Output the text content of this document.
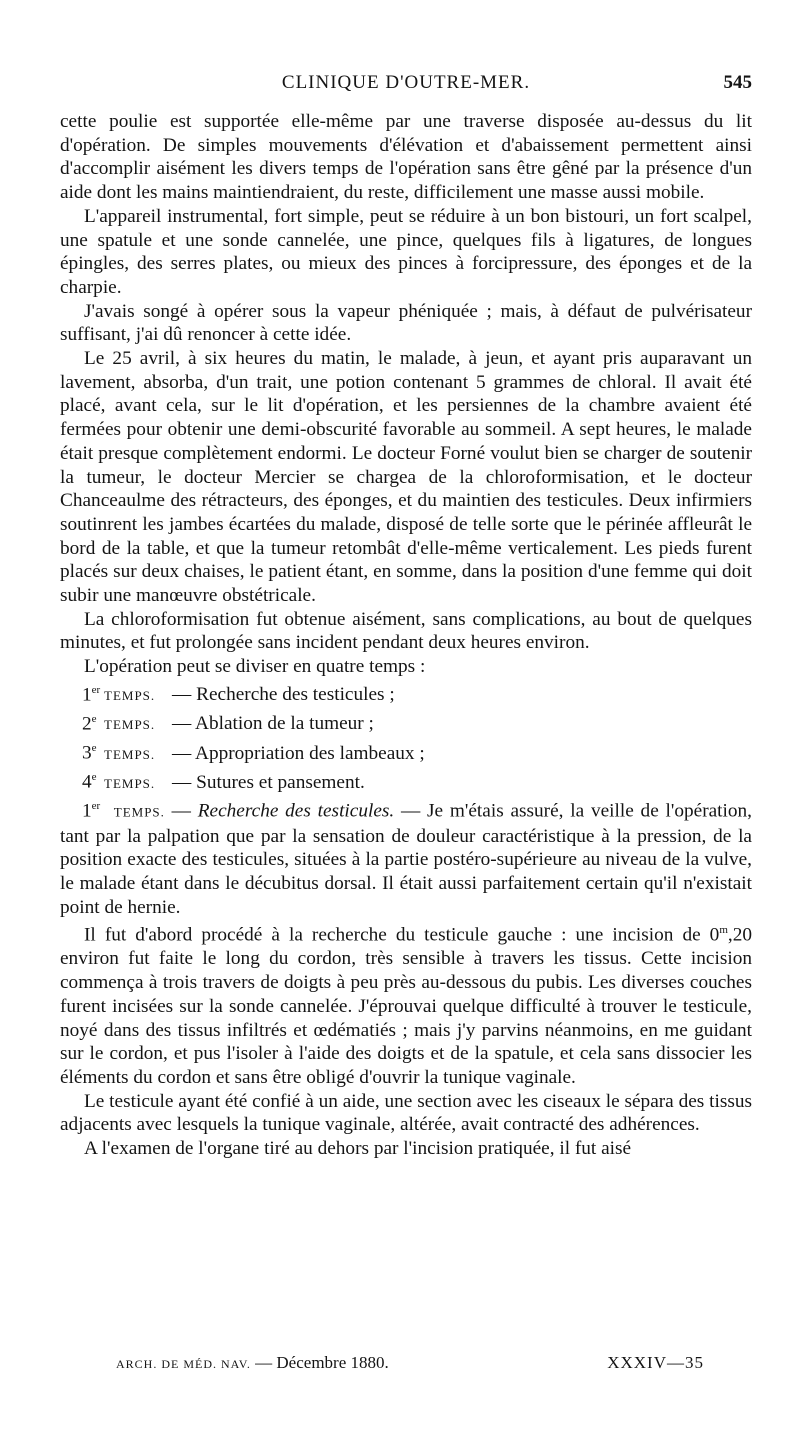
CLINIQUE D'OUTRE-MER.	545

cette poulie est supportée elle-même par une traverse disposée au-dessus du lit d'opération. De simples mouvements d'élévation et d'abaissement permettent ainsi d'accomplir aisément les divers temps de l'opération sans être gêné par la présence d'un aide dont les mains maintiendraient, du reste, difficilement une masse aussi mobile.

L'appareil instrumental, fort simple, peut se réduire à un bon bistouri, un fort scalpel, une spatule et une sonde cannelée, une pince, quelques fils à ligatures, de longues épingles, des serres plates, ou mieux des pinces à forcipressure, des éponges et de la charpie.

J'avais songé à opérer sous la vapeur phéniquée ; mais, à défaut de pulvérisateur suffisant, j'ai dû renoncer à cette idée.

Le 25 avril, à six heures du matin, le malade, à jeun, et ayant pris auparavant un lavement, absorba, d'un trait, une potion contenant 5 grammes de chloral. Il avait été placé, avant cela, sur le lit d'opération, et les persiennes de la chambre avaient été fermées pour obtenir une demi-obscurité favorable au sommeil. A sept heures, le malade était presque complètement endormi. Le docteur Forné voulut bien se charger de soutenir la tumeur, le docteur Mercier se chargea de la chloroformisation, et le docteur Chanceaulme des rétracteurs, des éponges, et du maintien des testicules. Deux infirmiers soutinrent les jambes écartées du malade, disposé de telle sorte que le périnée affleurât le bord de la table, et que la tumeur retombât d'elle-même verticalement. Les pieds furent placés sur deux chaises, le patient étant, en somme, dans la position d'une femme qui doit subir une manœuvre obstétricale.

La chloroformisation fut obtenue aisément, sans complications, au bout de quelques minutes, et fut prolongée sans incident pendant deux heures environ.

L'opération peut se diviser en quatre temps :

1er TEMPS. — Recherche des testicules ;
2e TEMPS. — Ablation de la tumeur ;
3e TEMPS. — Appropriation des lambeaux ;
4e TEMPS. — Sutures et pansement.

1er TEMPS. — Recherche des testicules. — Je m'étais assuré, la veille de l'opération, tant par la palpation que par la sensation de douleur caractéristique à la pression, de la position exacte des testicules, situées à la partie postéro-supérieure au niveau de la vulve, le malade étant dans le décubitus dorsal. Il était aussi parfaitement certain qu'il n'existait point de hernie.

Il fut d'abord procédé à la recherche du testicule gauche : une incision de 0$^m$,20 environ fut faite le long du cordon, très sensible à travers les tissus. Cette incision commença à trois travers de doigts à peu près au-dessous du pubis. Les diverses couches furent incisées sur la sonde cannelée. J'éprouvai quelque difficulté à trouver le testicule, noyé dans des tissus infiltrés et œdématiés ; mais j'y parvins néanmoins, en me guidant sur le cordon, et pus l'isoler à l'aide des doigts et de la spatule, et cela sans dissocier les éléments du cordon et sans être obligé d'ouvrir la tunique vaginale.

Le testicule ayant été confié à un aide, une section avec les ciseaux le sépara des tissus adjacents avec lesquels la tunique vaginale, altérée, avait contracté des adhérences.

A l'examen de l'organe tiré au dehors par l'incision pratiquée, il fut aisé

ARCH. DE MÉD. NAV. — Décembre 1880.	XXXIV—35
